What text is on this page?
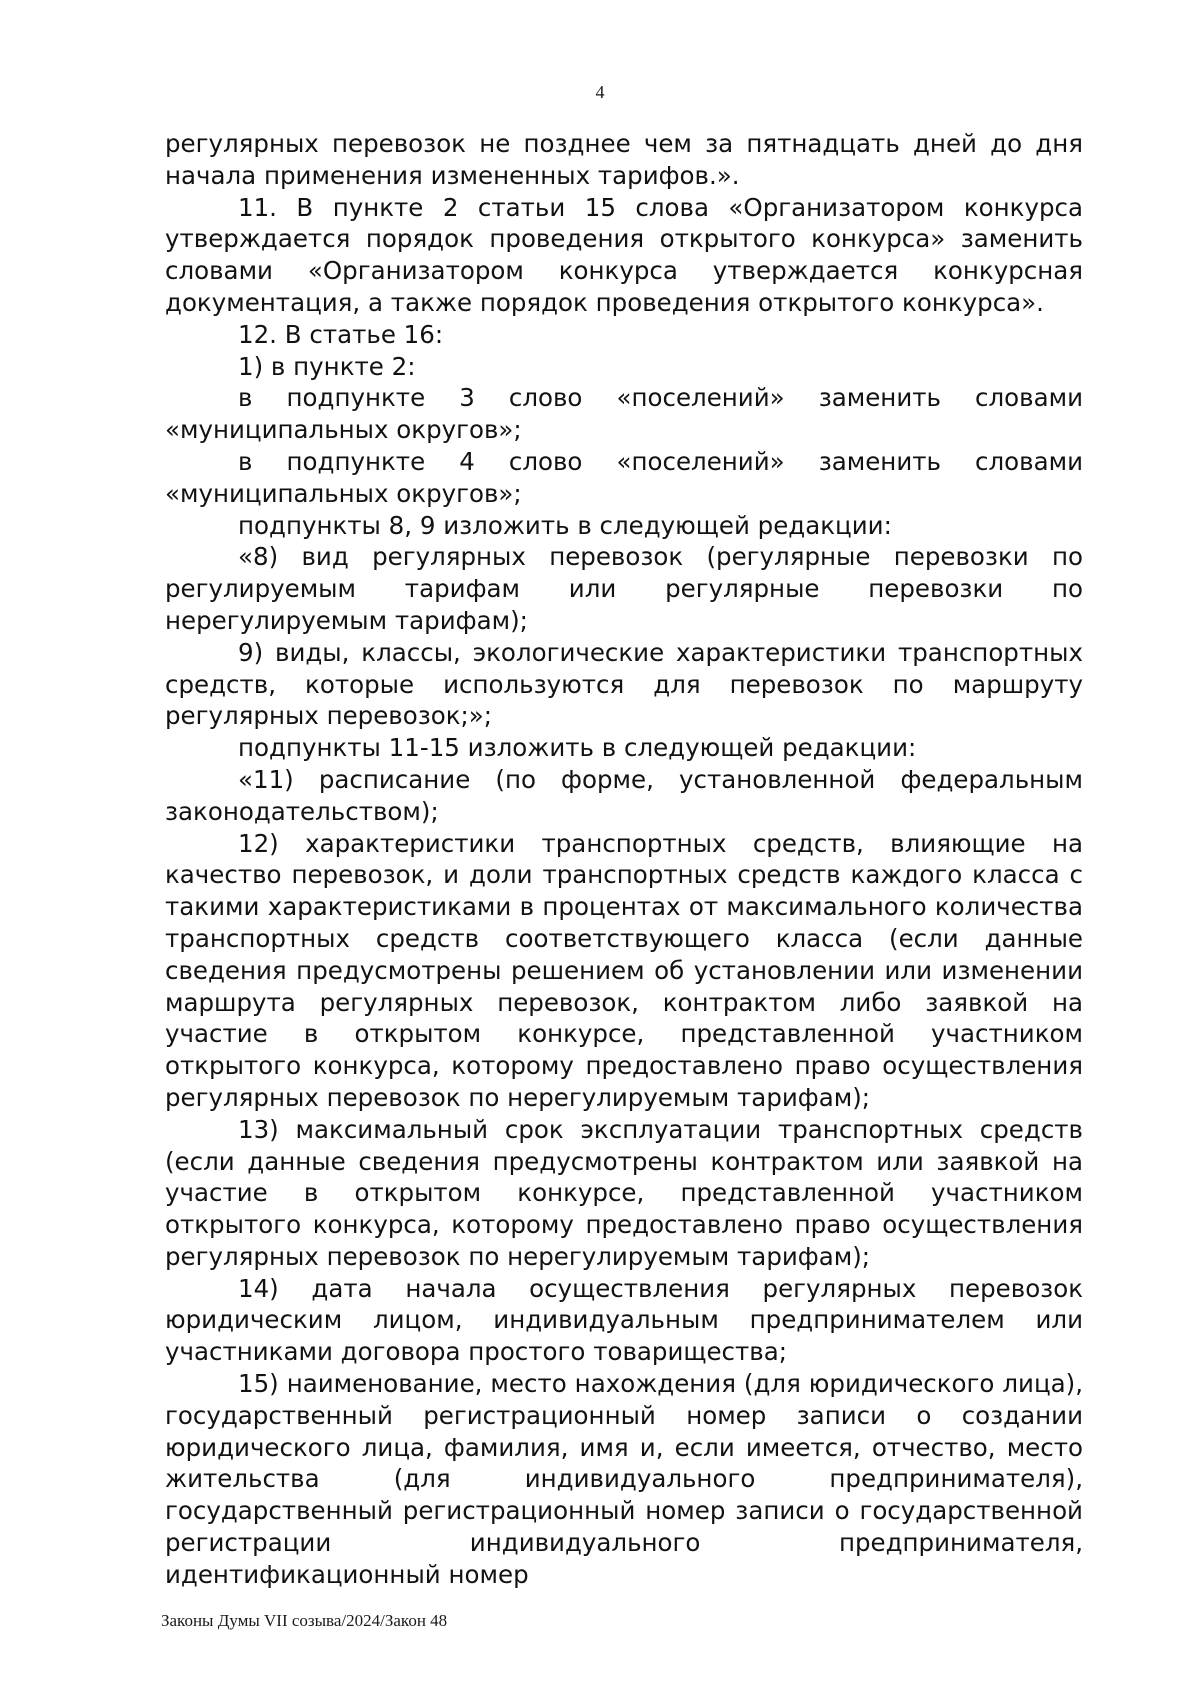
4

регулярных перевозок не позднее чем за пятнадцать дней до дня начала применения измененных тарифов.».

11. В пункте 2 статьи 15 слова «Организатором конкурса утверждается порядок проведения открытого конкурса» заменить словами «Организатором конкурса утверждается конкурсная документация, а также порядок проведения открытого конкурса».

12. В статье 16:

1) в пункте 2:

в подпункте 3 слово «поселений» заменить словами «муниципальных округов»;

в подпункте 4 слово «поселений» заменить словами «муниципальных округов»;

подпункты 8, 9 изложить в следующей редакции:

«8) вид регулярных перевозок (регулярные перевозки по регулируемым тарифам или регулярные перевозки по нерегулируемым тарифам);

9) виды, классы, экологические характеристики транспортных средств, которые используются для перевозок по маршруту регулярных перевозок;»;

подпункты 11-15 изложить в следующей редакции:

«11) расписание (по форме, установленной федеральным законодательством);

12) характеристики транспортных средств, влияющие на качество перевозок, и доли транспортных средств каждого класса с такими характеристиками в процентах от максимального количества транспортных средств соответствующего класса (если данные сведения предусмотрены решением об установлении или изменении маршрута регулярных перевозок, контрактом либо заявкой на участие в открытом конкурсе, представленной участником открытого конкурса, которому предоставлено право осуществления регулярных перевозок по нерегулируемым тарифам);

13) максимальный срок эксплуатации транспортных средств (если данные сведения предусмотрены контрактом или заявкой на участие в открытом конкурсе, представленной участником открытого конкурса, которому предоставлено право осуществления регулярных перевозок по нерегулируемым тарифам);

14) дата начала осуществления регулярных перевозок юридическим лицом, индивидуальным предпринимателем или участниками договора простого товарищества;

15) наименование, место нахождения (для юридического лица), государственный регистрационный номер записи о создании юридического лица, фамилия, имя и, если имеется, отчество, место жительства (для индивидуального предпринимателя), государственный регистрационный номер записи о государственной регистрации индивидуального предпринимателя, идентификационный номер

Законы Думы VII созыва/2024/Закон 48
